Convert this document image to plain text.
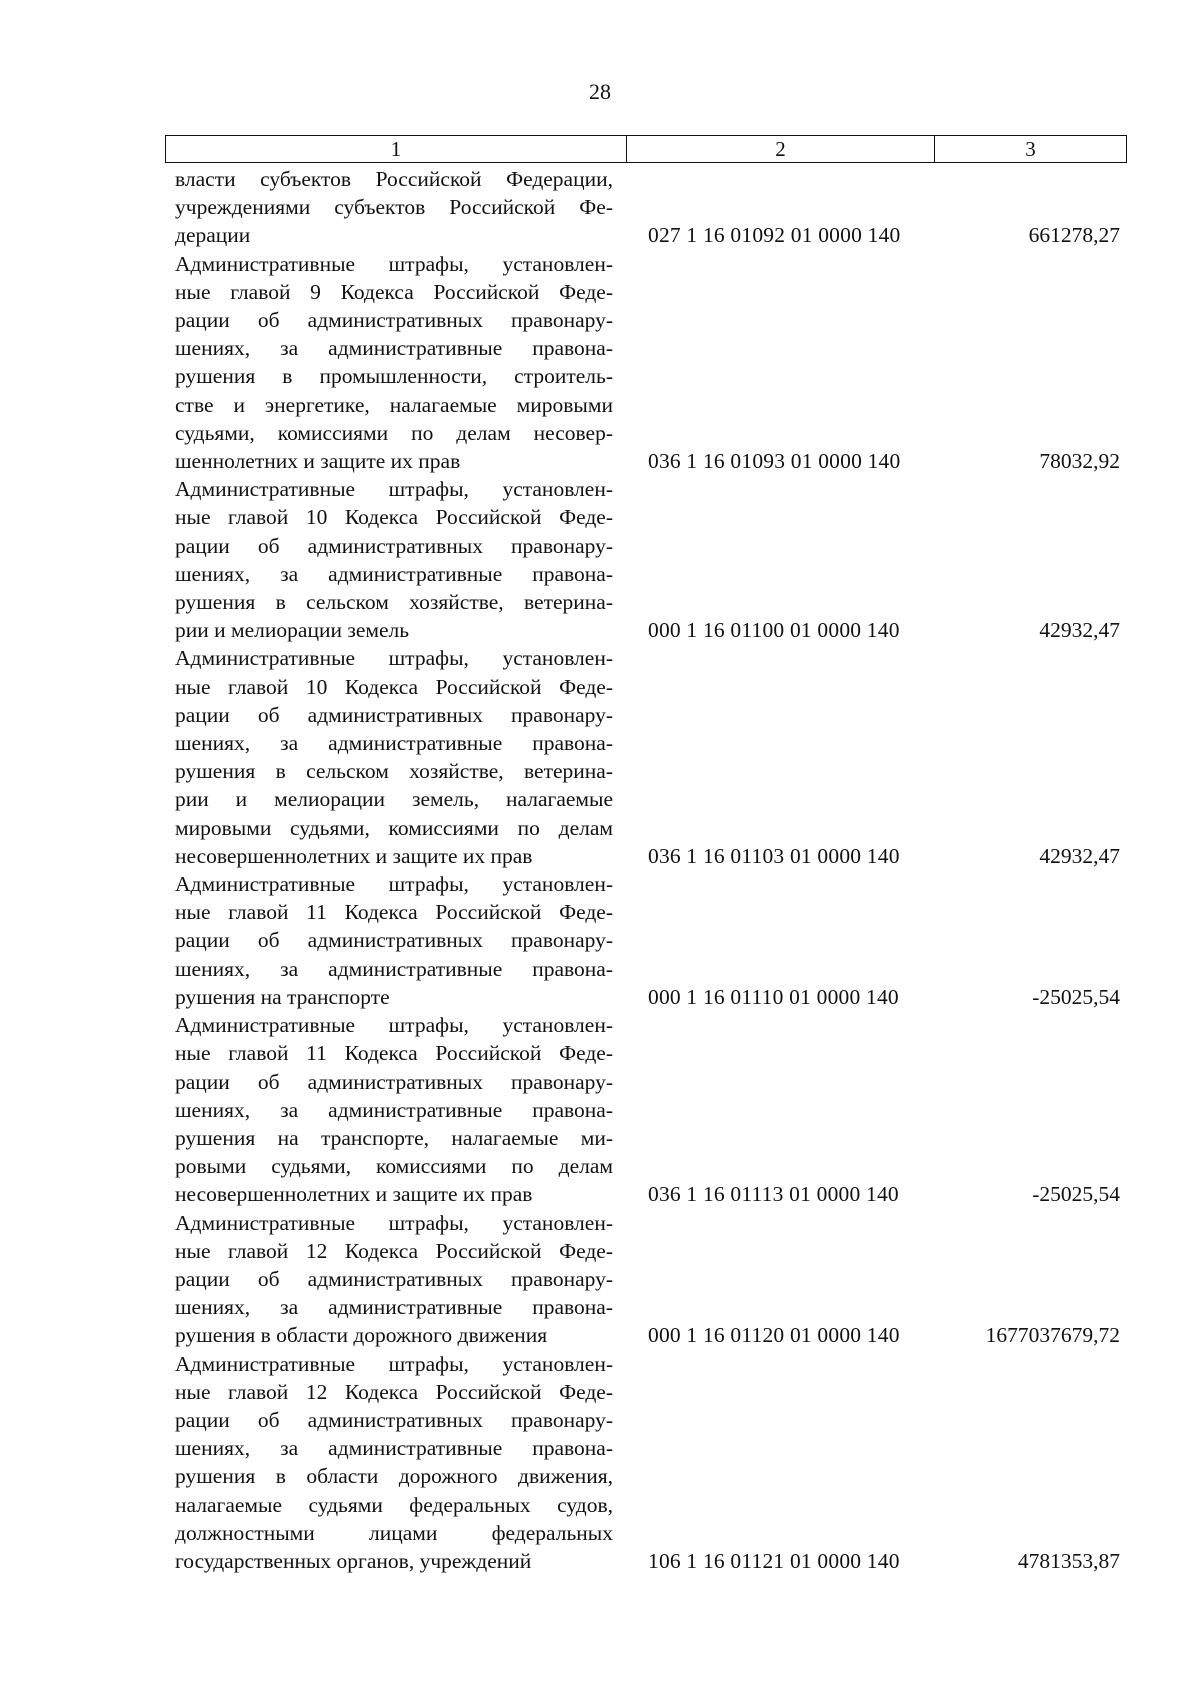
28
1	2	3
власти субъектов Российской Федерации,
учреждениями субъектов Российской Фе-
дерации	027 1 16 01092 01 0000 140	661278,27
Административные штрафы, установлен-
ные главой 9 Кодекса Российской Феде-
рации об административных правонару-
шениях, за административные правона-
рушения в промышленности, строитель-
стве и энергетике, налагаемые мировыми
судьями, комиссиями по делам несовер-
шеннолетних и защите их прав	036 1 16 01093 01 0000 140	78032,92
Административные штрафы, установлен-
ные главой 10 Кодекса Российской Феде-
рации об административных правонару-
шениях, за административные правона-
рушения в сельском хозяйстве, ветерина-
рии и мелиорации земель	000 1 16 01100 01 0000 140	42932,47
Административные штрафы, установлен-
ные главой 10 Кодекса Российской Феде-
рации об административных правонару-
шениях, за административные правона-
рушения в сельском хозяйстве, ветерина-
рии и мелиорации земель, налагаемые
мировыми судьями, комиссиями по делам
несовершеннолетних и защите их прав	036 1 16 01103 01 0000 140	42932,47
Административные штрафы, установлен-
ные главой 11 Кодекса Российской Феде-
рации об административных правонару-
шениях, за административные правона-
рушения на транспорте	000 1 16 01110 01 0000 140	-25025,54
Административные штрафы, установлен-
ные главой 11 Кодекса Российской Феде-
рации об административных правонару-
шениях, за административные правона-
рушения на транспорте, налагаемые ми-
ровыми судьями, комиссиями по делам
несовершеннолетних и защите их прав	036 1 16 01113 01 0000 140	-25025,54
Административные штрафы, установлен-
ные главой 12 Кодекса Российской Феде-
рации об административных правонару-
шениях, за административные правона-
рушения в области дорожного движения	000 1 16 01120 01 0000 140	1677037679,72
Административные штрафы, установлен-
ные главой 12 Кодекса Российской Феде-
рации об административных правонару-
шениях, за административные правона-
рушения в области дорожного движения,
налагаемые судьями федеральных судов,
должностными лицами федеральных
государственных органов, учреждений	106 1 16 01121 01 0000 140	4781353,87
